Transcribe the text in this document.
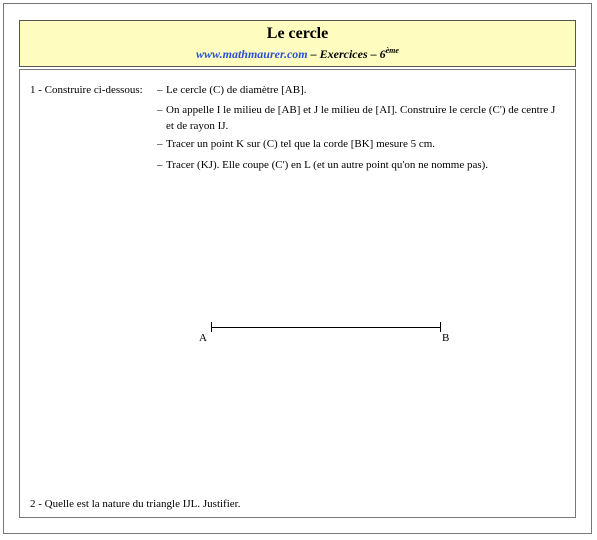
Le cercle
www.mathmaurer.com – Exercices – 6ème
1 - Construire ci-dessous: – Le cercle (C) de diamètre [AB].
– On appelle I le milieu de [AB] et J le milieu de [AI]. Construire le cercle (C') de centre J et de rayon IJ.
– Tracer un point K sur (C) tel que la corde [BK] mesure 5 cm.
– Tracer (KJ). Elle coupe (C') en L (et un autre point qu'on ne nomme pas).
A	B
2 - Quelle est la nature du triangle IJL. Justifier.
